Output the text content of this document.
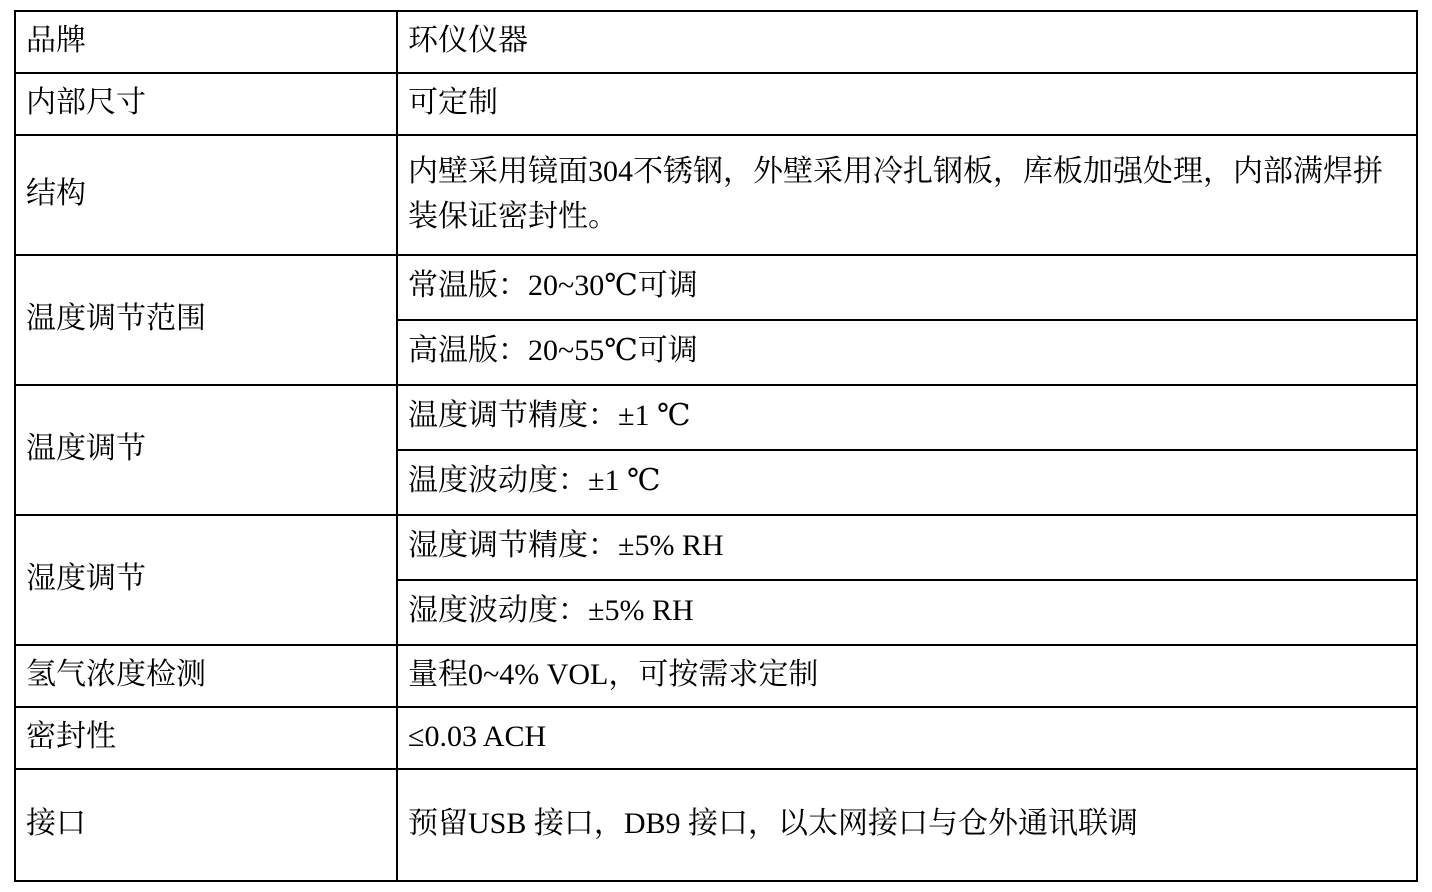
品牌	环仪仪器
内部尺寸	可定制
结构	内壁采用镜面304不锈钢，外壁采用冷扎钢板，库板加强处理，内部满焊拼装保证密封性。

温度调节范围	常温版：20~30℃可调
	高温版：20~55℃可调
温度调节	温度调节精度：±1 ℃
	温度波动度：±1 ℃
湿度调节	湿度调节精度：±5% RH
	湿度波动度：±5% RH
氢气浓度检测	量程0~4% VOL，可按需求定制
密封性	≤0.03 ACH
接口	预留USB 接口，DB9 接口，以太网接口与仓外通讯联调
